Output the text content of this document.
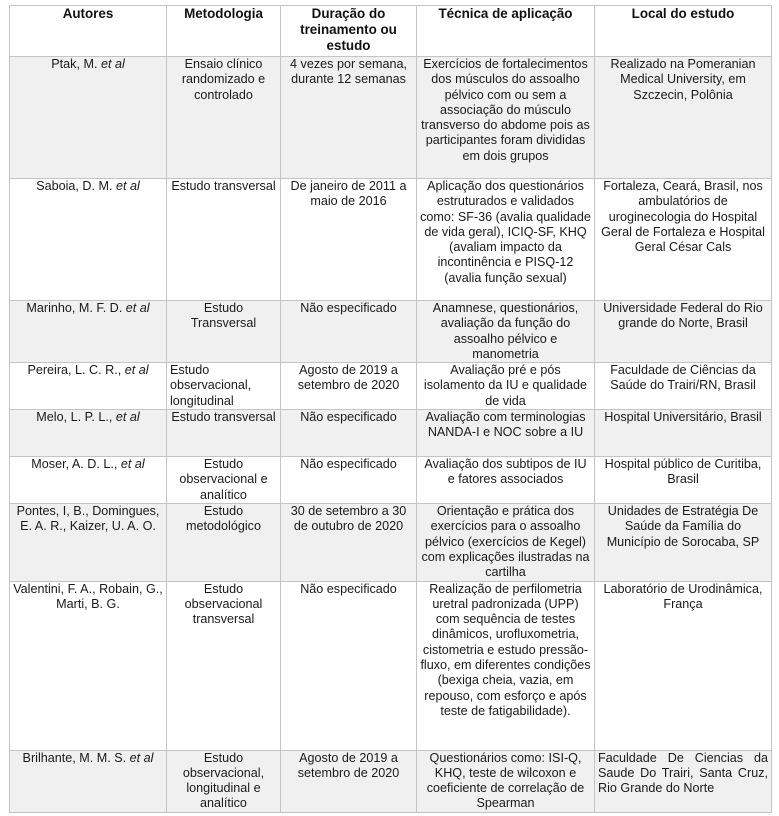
Autores	Metodologia	Duração do treinamento ou estudo	Técnica de aplicação	Local do estudo
Ptak, M. et al	Ensaio clínico randomizado e controlado	4 vezes por semana, durante 12 semanas	Exercícios de fortalecimentos dos músculos do assoalho pélvico com ou sem a associação do músculo transverso do abdome pois as participantes foram divididas em dois grupos	Realizado na Pomeranian Medical University, em Szczecin, Polônia
Saboia, D. M. et al	Estudo transversal	De janeiro de 2011 a maio de 2016	Aplicação dos questionários estruturados e validados como: SF-36 (avalia qualidade de vida geral), ICIQ-SF, KHQ (avaliam impacto da incontinência e PISQ-12 (avalia função sexual)	Fortaleza, Ceará, Brasil, nos ambulatórios de uroginecologia do Hospital Geral de Fortaleza e Hospital Geral César Cals
Marinho, M. F. D. et al	Estudo Transversal	Não especificado	Anamnese, questionários, avaliação da função do assoalho pélvico e manometria	Universidade Federal do Rio grande do Norte, Brasil
Pereira, L. C. R., et al	Estudo observacional, longitudinal	Agosto de 2019 a setembro de 2020	Avaliação pré e pós isolamento da IU e qualidade de vida	Faculdade de Ciências da Saúde do Trairi/RN, Brasil
Melo, L. P. L., et al	Estudo transversal	Não especificado	Avaliação com terminologias NANDA-I e NOC sobre a IU	Hospital Universitário, Brasil
Moser, A. D. L., et al	Estudo observacional e analítico	Não especificado	Avaliação dos subtipos de IU e fatores associados	Hospital público de Curitiba, Brasil
Pontes, I, B., Domingues, E. A. R., Kaizer, U. A. O.	Estudo metodológico	30 de setembro a 30 de outubro de 2020	Orientação e prática dos exercícios para o assoalho pélvico (exercícios de Kegel) com explicações ilustradas na cartilha	Unidades de Estratégia De Saúde da Família do Município de Sorocaba, SP
Valentini, F. A., Robain, G., Marti, B. G.	Estudo observacional transversal	Não especificado	Realização de perfilometria uretral padronizada (UPP) com sequência de testes dinâmicos, urofluxometria, cistometria e estudo pressão-fluxo, em diferentes condições (bexiga cheia, vazia, em repouso, com esforço e após teste de fatigabilidade).	Laboratório de Urodinâmica, França
Brilhante, M. M. S. et al	Estudo observacional, longitudinal e analítico	Agosto de 2019 a setembro de 2020	Questionários como: ISI-Q, KHQ, teste de wilcoxon e coeficiente de correlação de Spearman	Faculdade De Ciencias da Saude Do Trairi, Santa Cruz, Rio Grande do Norte
